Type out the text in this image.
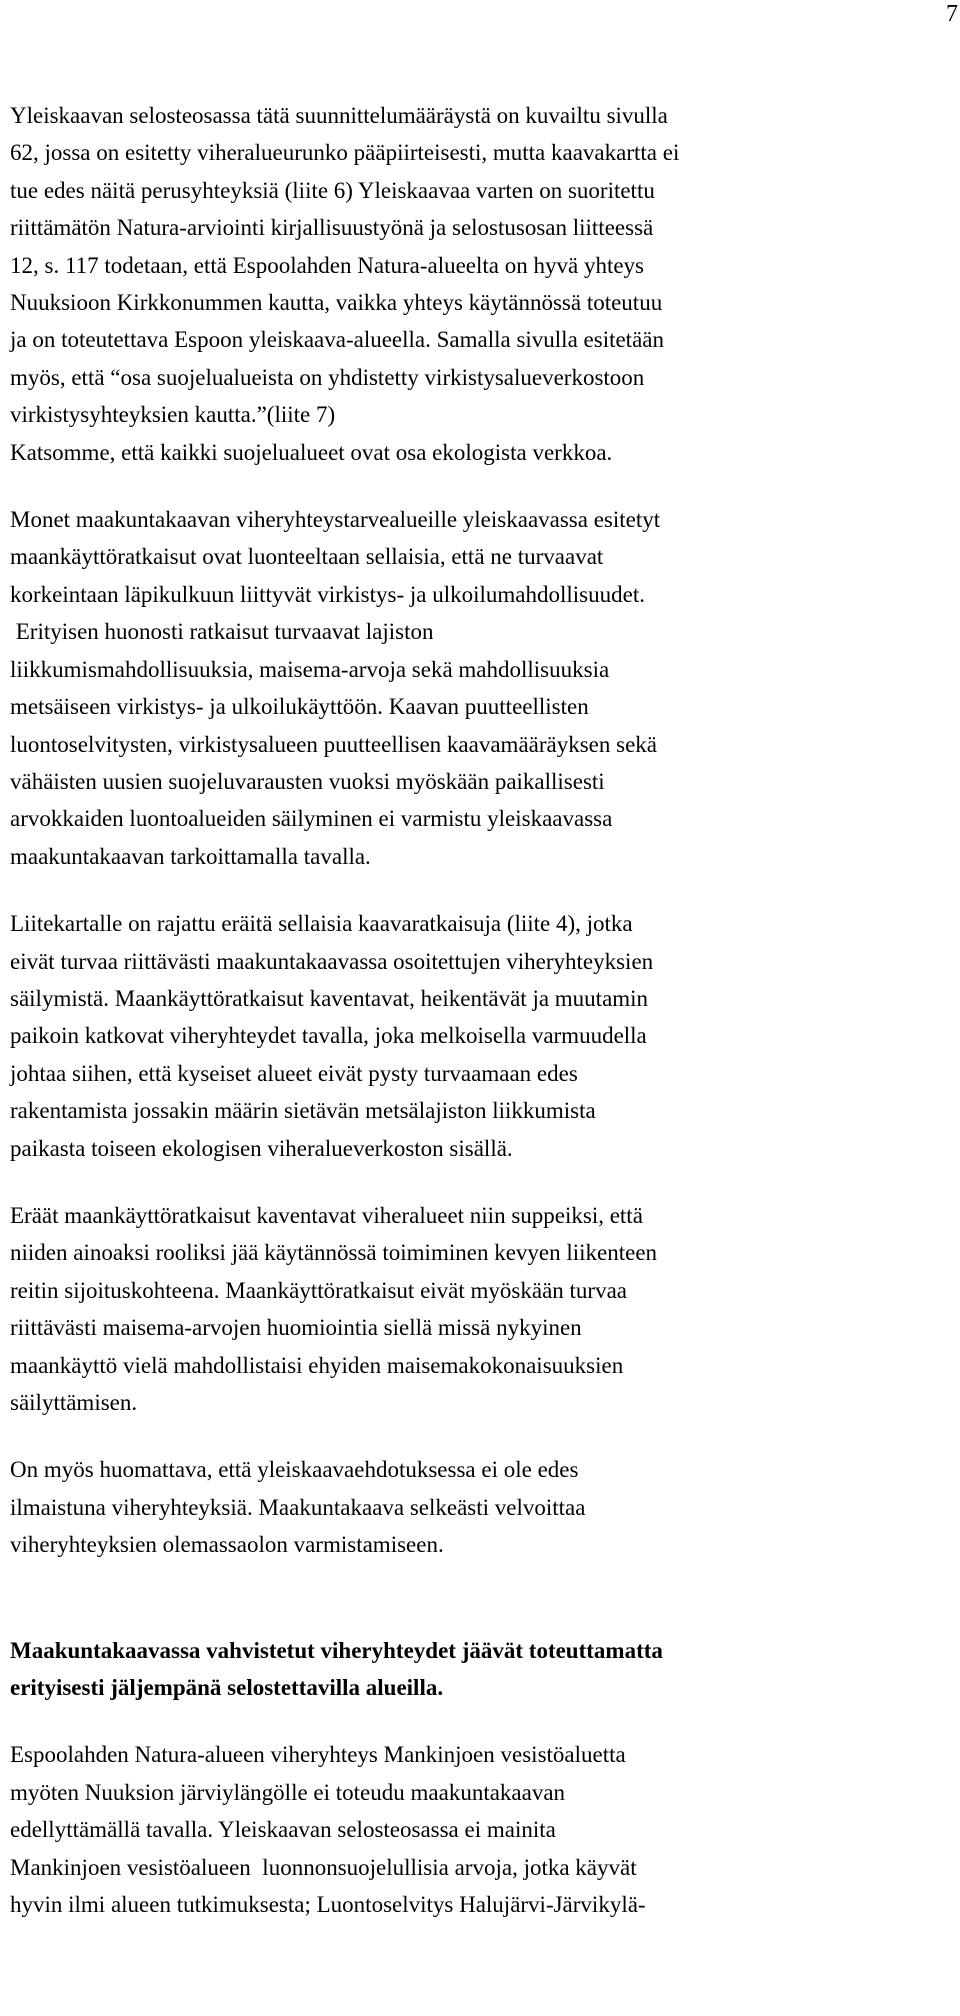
7

Yleiskaavan selosteosassa tätä suunnittelumääräystä on kuvailtu sivulla
62, jossa on esitetty viheralueurunko pääpiirteisesti, mutta kaavakartta ei
tue edes näitä perusyhteyksiä (liite 6) Yleiskaavaa varten on suoritettu
riittämätön Natura-arviointi kirjallisuustyönä ja selostusosan liitteessä
12, s. 117 todetaan, että Espoolahden Natura-alueelta on hyvä yhteys
Nuuksioon Kirkkonummen kautta, vaikka yhteys käytännössä toteutuu
ja on toteutettava Espoon yleiskaava-alueella. Samalla sivulla esitetään
myös, että “osa suojelualueista on yhdistetty virkistysalueverkostoon
virkistysyhteyksien kautta.”(liite 7)
Katsomme, että kaikki suojelualueet ovat osa ekologista verkkoa.

Monet maakuntakaavan viheryhteystarvealueille yleiskaavassa esitetyt
maankäyttöratkaisut ovat luonteeltaan sellaisia, että ne turvaavat
korkeintaan läpikulkuun liittyvät virkistys- ja ulkoilumahdollisuudet.
Erityisen huonosti ratkaisut turvaavat lajiston
liikkumismahdollisuuksia, maisema-arvoja sekä mahdollisuuksia
metsäiseen virkistys- ja ulkoilukäyttöön. Kaavan puutteellisten
luontoselvitysten, virkistysalueen puutteellisen kaavamääräyksen sekä
vähäisten uusien suojeluvarausten vuoksi myöskään paikallisesti
arvokkaiden luontoalueiden säilyminen ei varmistu yleiskaavassa
maakuntakaavan tarkoittamalla tavalla.

Liitekartalle on rajattu eräitä sellaisia kaavaratkaisuja (liite 4), jotka
eivät turvaa riittävästi maakuntakaavassa osoitettujen viheryhteyksien
säilymistä. Maankäyttöratkaisut kaventavat, heikentävät ja muutamin
paikoin katkovat viheryhteydet tavalla, joka melkoisella varmuudella
johtaa siihen, että kyseiset alueet eivät pysty turvaamaan edes
rakentamista jossakin määrin sietävän metsälajiston liikkumista
paikasta toiseen ekologisen viheralueverkoston sisällä.

Eräät maankäyttöratkaisut kaventavat viheralueet niin suppeiksi, että
niiden ainoaksi rooliksi jää käytännössä toimiminen kevyen liikenteen
reitin sijoituskohteena. Maankäyttöratkaisut eivät myöskään turvaa
riittävästi maisema-arvojen huomiointia siellä missä nykyinen
maankäyttö vielä mahdollistaisi ehyiden maisemakokonaisuuksien
säilyttämisen.

On myös huomattava, että yleiskaavaehdotuksessa ei ole edes
ilmaistuna viheryhteyksiä. Maakuntakaava selkeästi velvoittaa
viheryhteyksien olemassaolon varmistamiseen.

Maakuntakaavassa vahvistetut viheryhteydet jäävät toteuttamatta
erityisesti jäljempänä selostettavilla alueilla.

Espoolahden Natura-alueen viheryhteys Mankinjoen vesistöaluetta
myöten Nuuksion järviylängölle ei toteudu maakuntakaavan
edellyttämällä tavalla. Yleiskaavan selosteosassa ei mainita
Mankinjoen vesistöalueen  luonnonsuojelullisia arvoja, jotka käyvät
hyvin ilmi alueen tutkimuksesta; Luontoselvitys Halujärvi-Järvikylä-
